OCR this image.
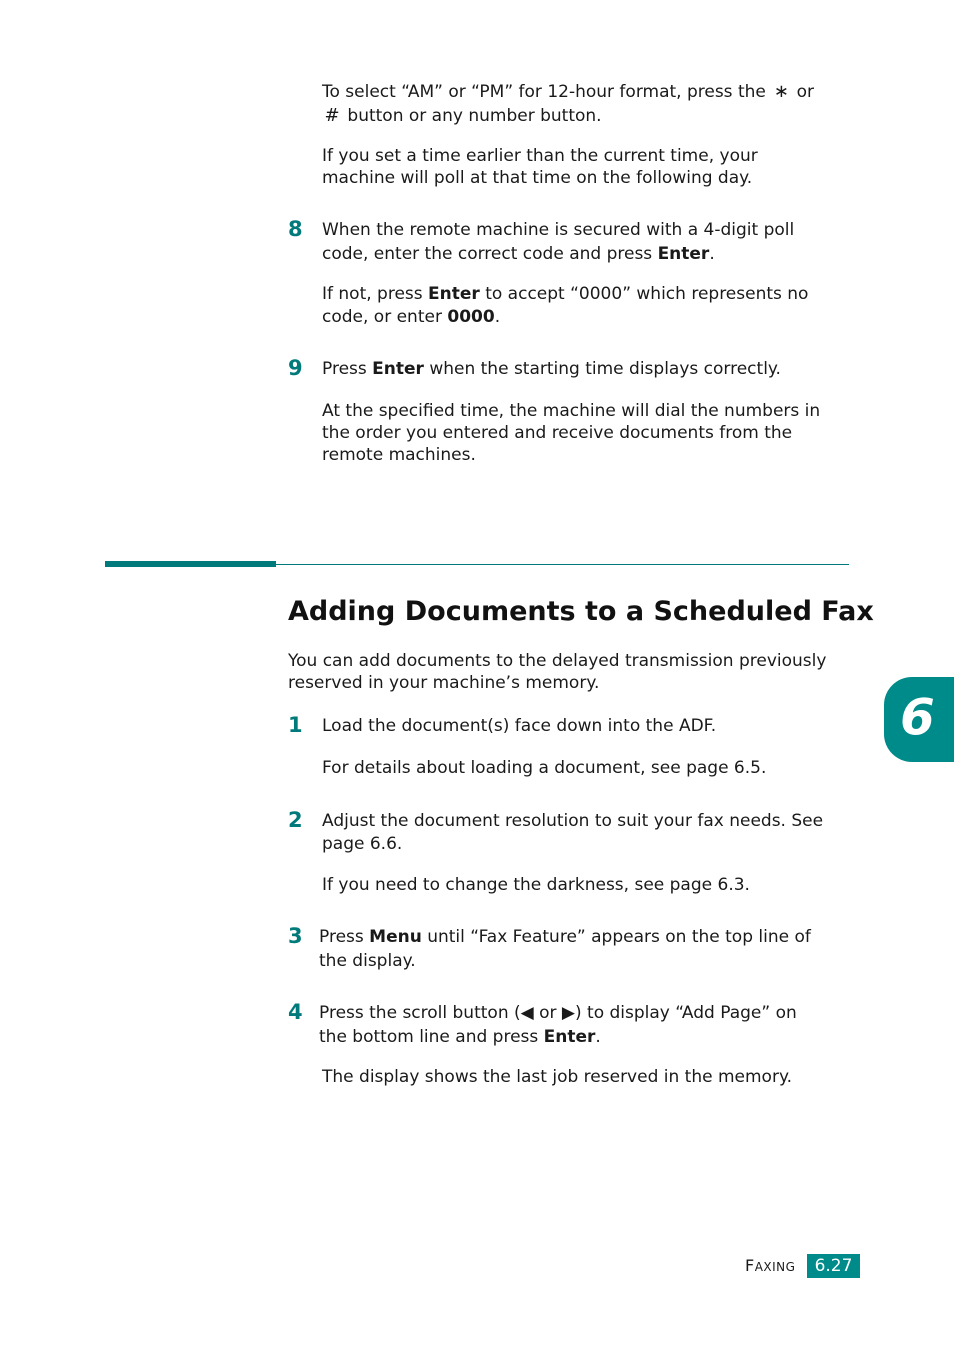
To select “AM” or “PM” for 12-hour format, press the ∗ or

# button or any number button.

If you set a time earlier than the current time, your

machine will poll at that time on the following day.

8 When the remote machine is secured with a 4-digit poll

code, enter the correct code and press Enter.

If not, press Enter to accept “0000” which represents no

code, or enter 0000.

9 Press Enter when the starting time displays correctly.

At the specified time, the machine will dial the numbers in

the order you entered and receive documents from the

remote machines.

Adding Documents to a Scheduled Fax

You can add documents to the delayed transmission previously

reserved in your machine’s memory.

1 Load the document(s) face down into the ADF.

For details about loading a document, see page 6.5.

2 Adjust the document resolution to suit your fax needs. See

page 6.6.

If you need to change the darkness, see page 6.3.

3 Press Menu until “Fax Feature” appears on the top line of

the display.

4 Press the scroll button (◀ or ▶) to display “Add Page” on

the bottom line and press Enter.

The display shows the last job reserved in the memory.

6
FAXING	6.27
